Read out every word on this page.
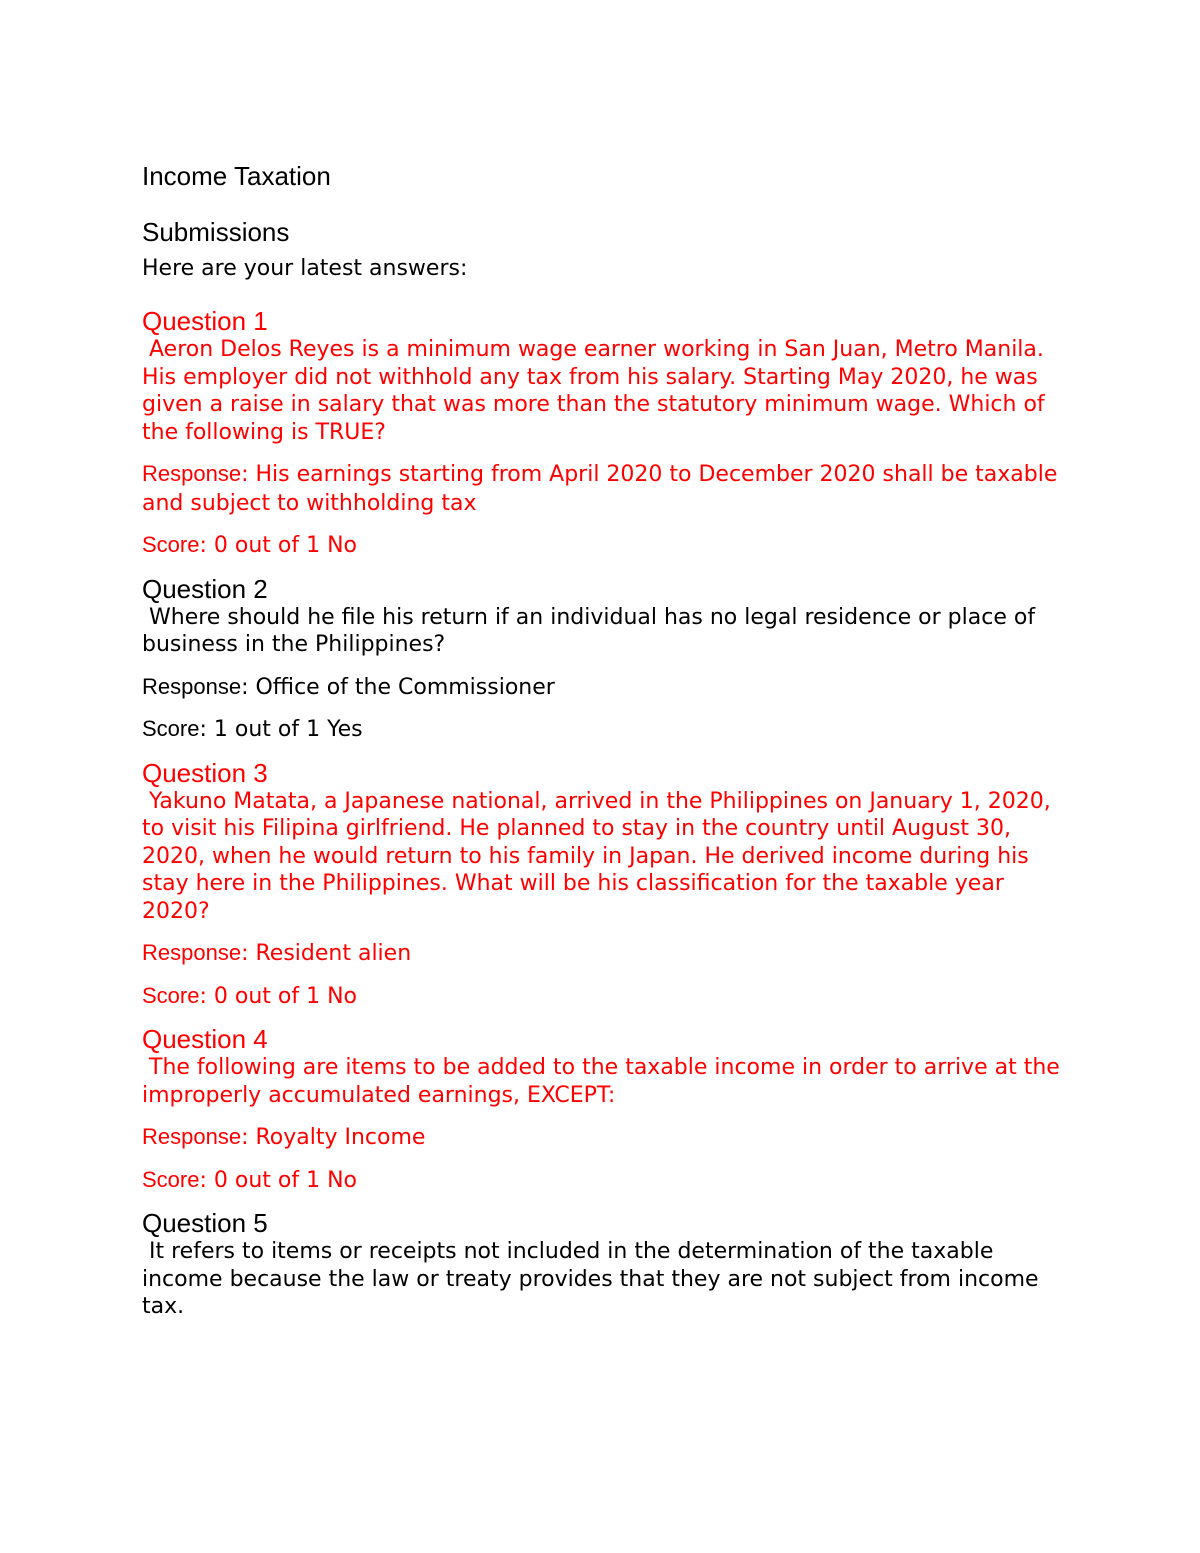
Income Taxation
Submissions

Here are your latest answers:

Question 1

Aeron Delos Reyes is a minimum wage earner working in San Juan, Metro Manila. His employer did not withhold any tax from his salary. Starting May 2020, he was given a raise in salary that was more than the statutory minimum wage. Which of the following is TRUE?

Response: His earnings starting from April 2020 to December 2020 shall be taxable and subject to withholding tax

Score: 0 out of 1 No

Question 2

Where should he file his return if an individual has no legal residence or place of business in the Philippines?

Response: Office of the Commissioner

Score: 1 out of 1 Yes

Question 3

Yakuno Matata, a Japanese national, arrived in the Philippines on January 1, 2020, to visit his Filipina girlfriend. He planned to stay in the country until August 30, 2020, when he would return to his family in Japan. He derived income during his stay here in the Philippines. What will be his classification for the taxable year 2020?

Response: Resident alien

Score: 0 out of 1 No

Question 4

The following are items to be added to the taxable income in order to arrive at the improperly accumulated earnings, EXCEPT:

Response: Royalty Income

Score: 0 out of 1 No

Question 5

It refers to items or receipts not included in the determination of the taxable income because the law or treaty provides that they are not subject from income tax.
